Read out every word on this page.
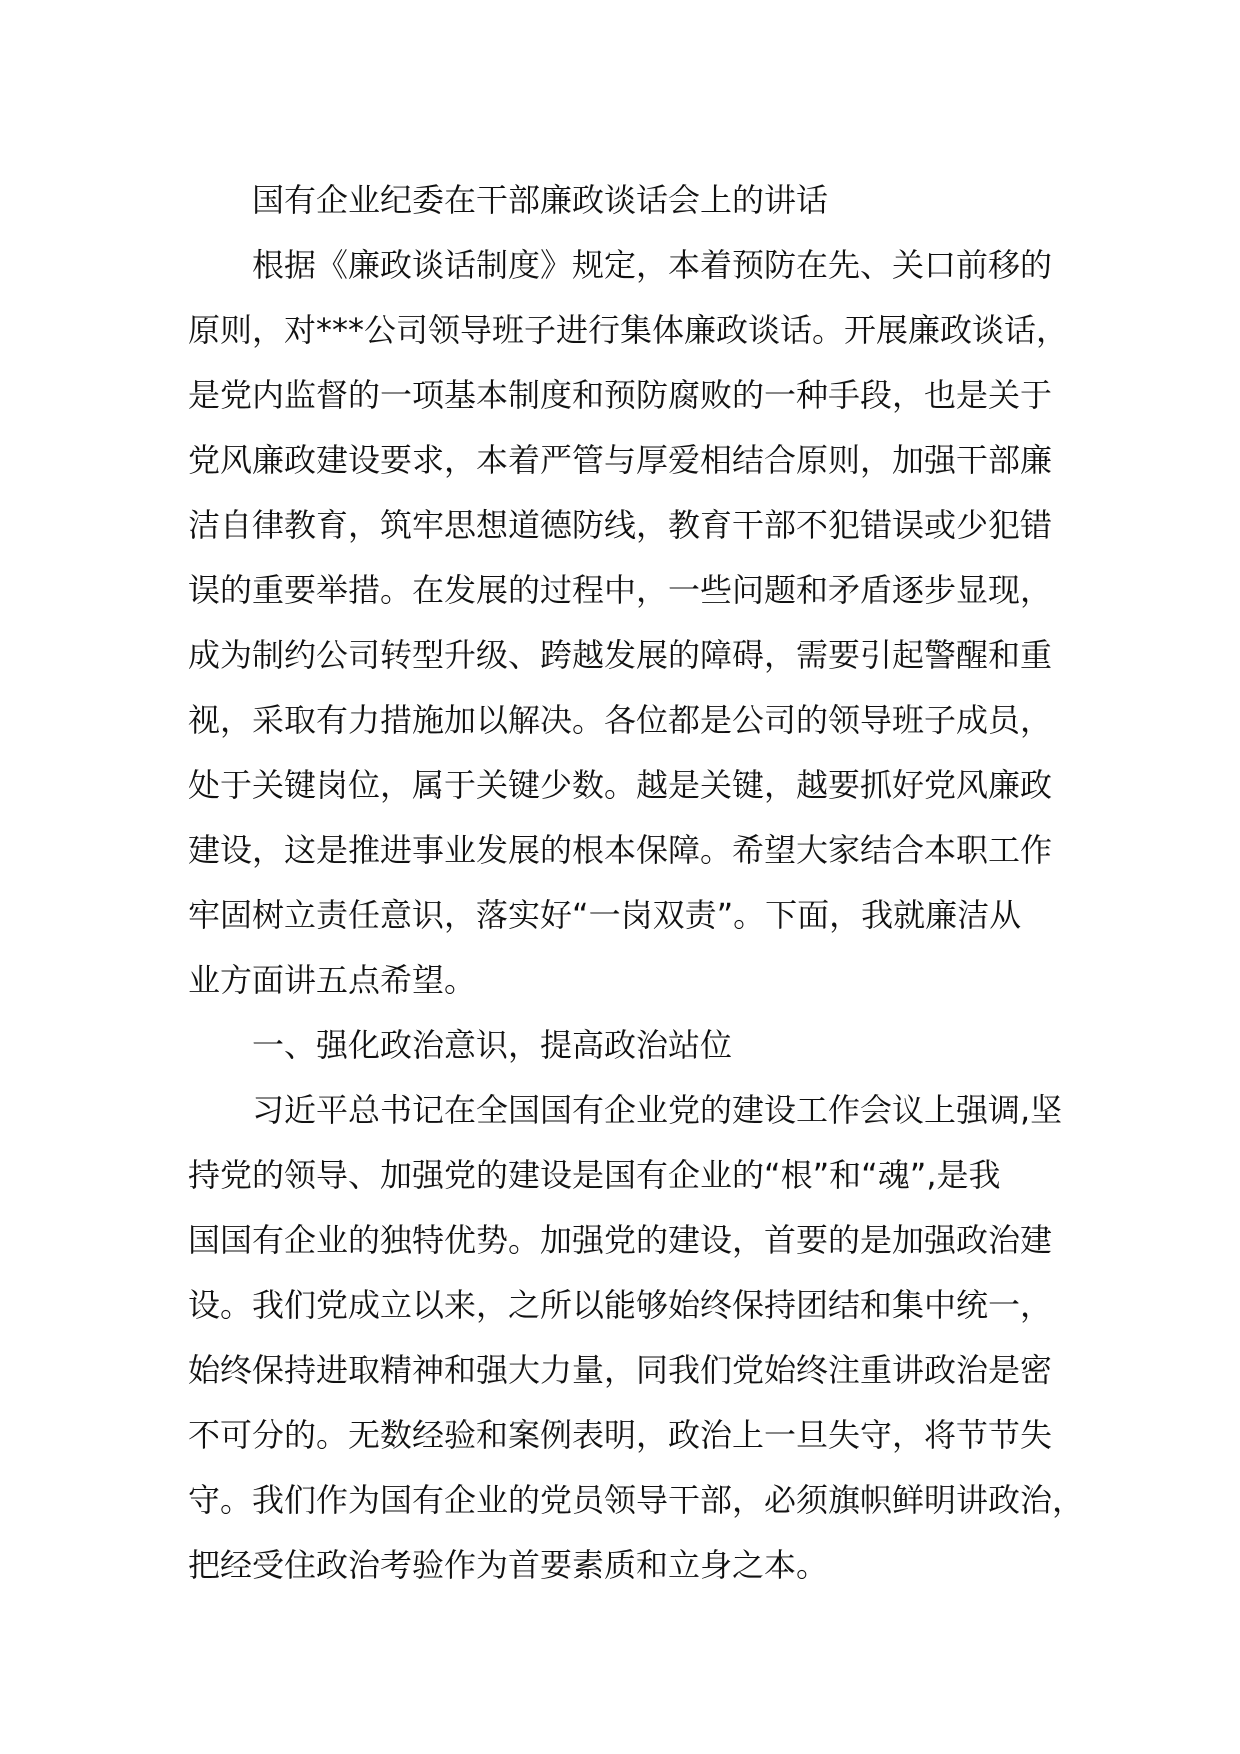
国有企业纪委在干部廉政谈话会上的讲话

根据《廉政谈话制度》规定，本着预防在先、关口前移的

原则，对***公司领导班子进行集体廉政谈话。开展廉政谈话，

是党内监督的一项基本制度和预防腐败的一种手段，也是关于

党风廉政建设要求，本着严管与厚爱相结合原则，加强干部廉

洁自律教育，筑牢思想道德防线，教育干部不犯错误或少犯错

误的重要举措。在发展的过程中，一些问题和矛盾逐步显现，

成为制约公司转型升级、跨越发展的障碍，需要引起警醒和重

视，采取有力措施加以解决。各位都是公司的领导班子成员，

处于关键岗位，属于关键少数。越是关键，越要抓好党风廉政

建设，这是推进事业发展的根本保障。希望大家结合本职工作

牢固树立责任意识，落实好“一岗双责”。下面，我就廉洁从

业方面讲五点希望。

一、强化政治意识，提高政治站位

习近平总书记在全国国有企业党的建设工作会议上强调,坚

持党的领导、加强党的建设是国有企业的“根”和“魂”,是我

国国有企业的独特优势。加强党的建设，首要的是加强政治建

设。我们党成立以来，之所以能够始终保持团结和集中统一，

始终保持进取精神和强大力量，同我们党始终注重讲政治是密

不可分的。无数经验和案例表明，政治上一旦失守，将节节失

守。我们作为国有企业的党员领导干部，必须旗帜鲜明讲政治，

把经受住政治考验作为首要素质和立身之本。
